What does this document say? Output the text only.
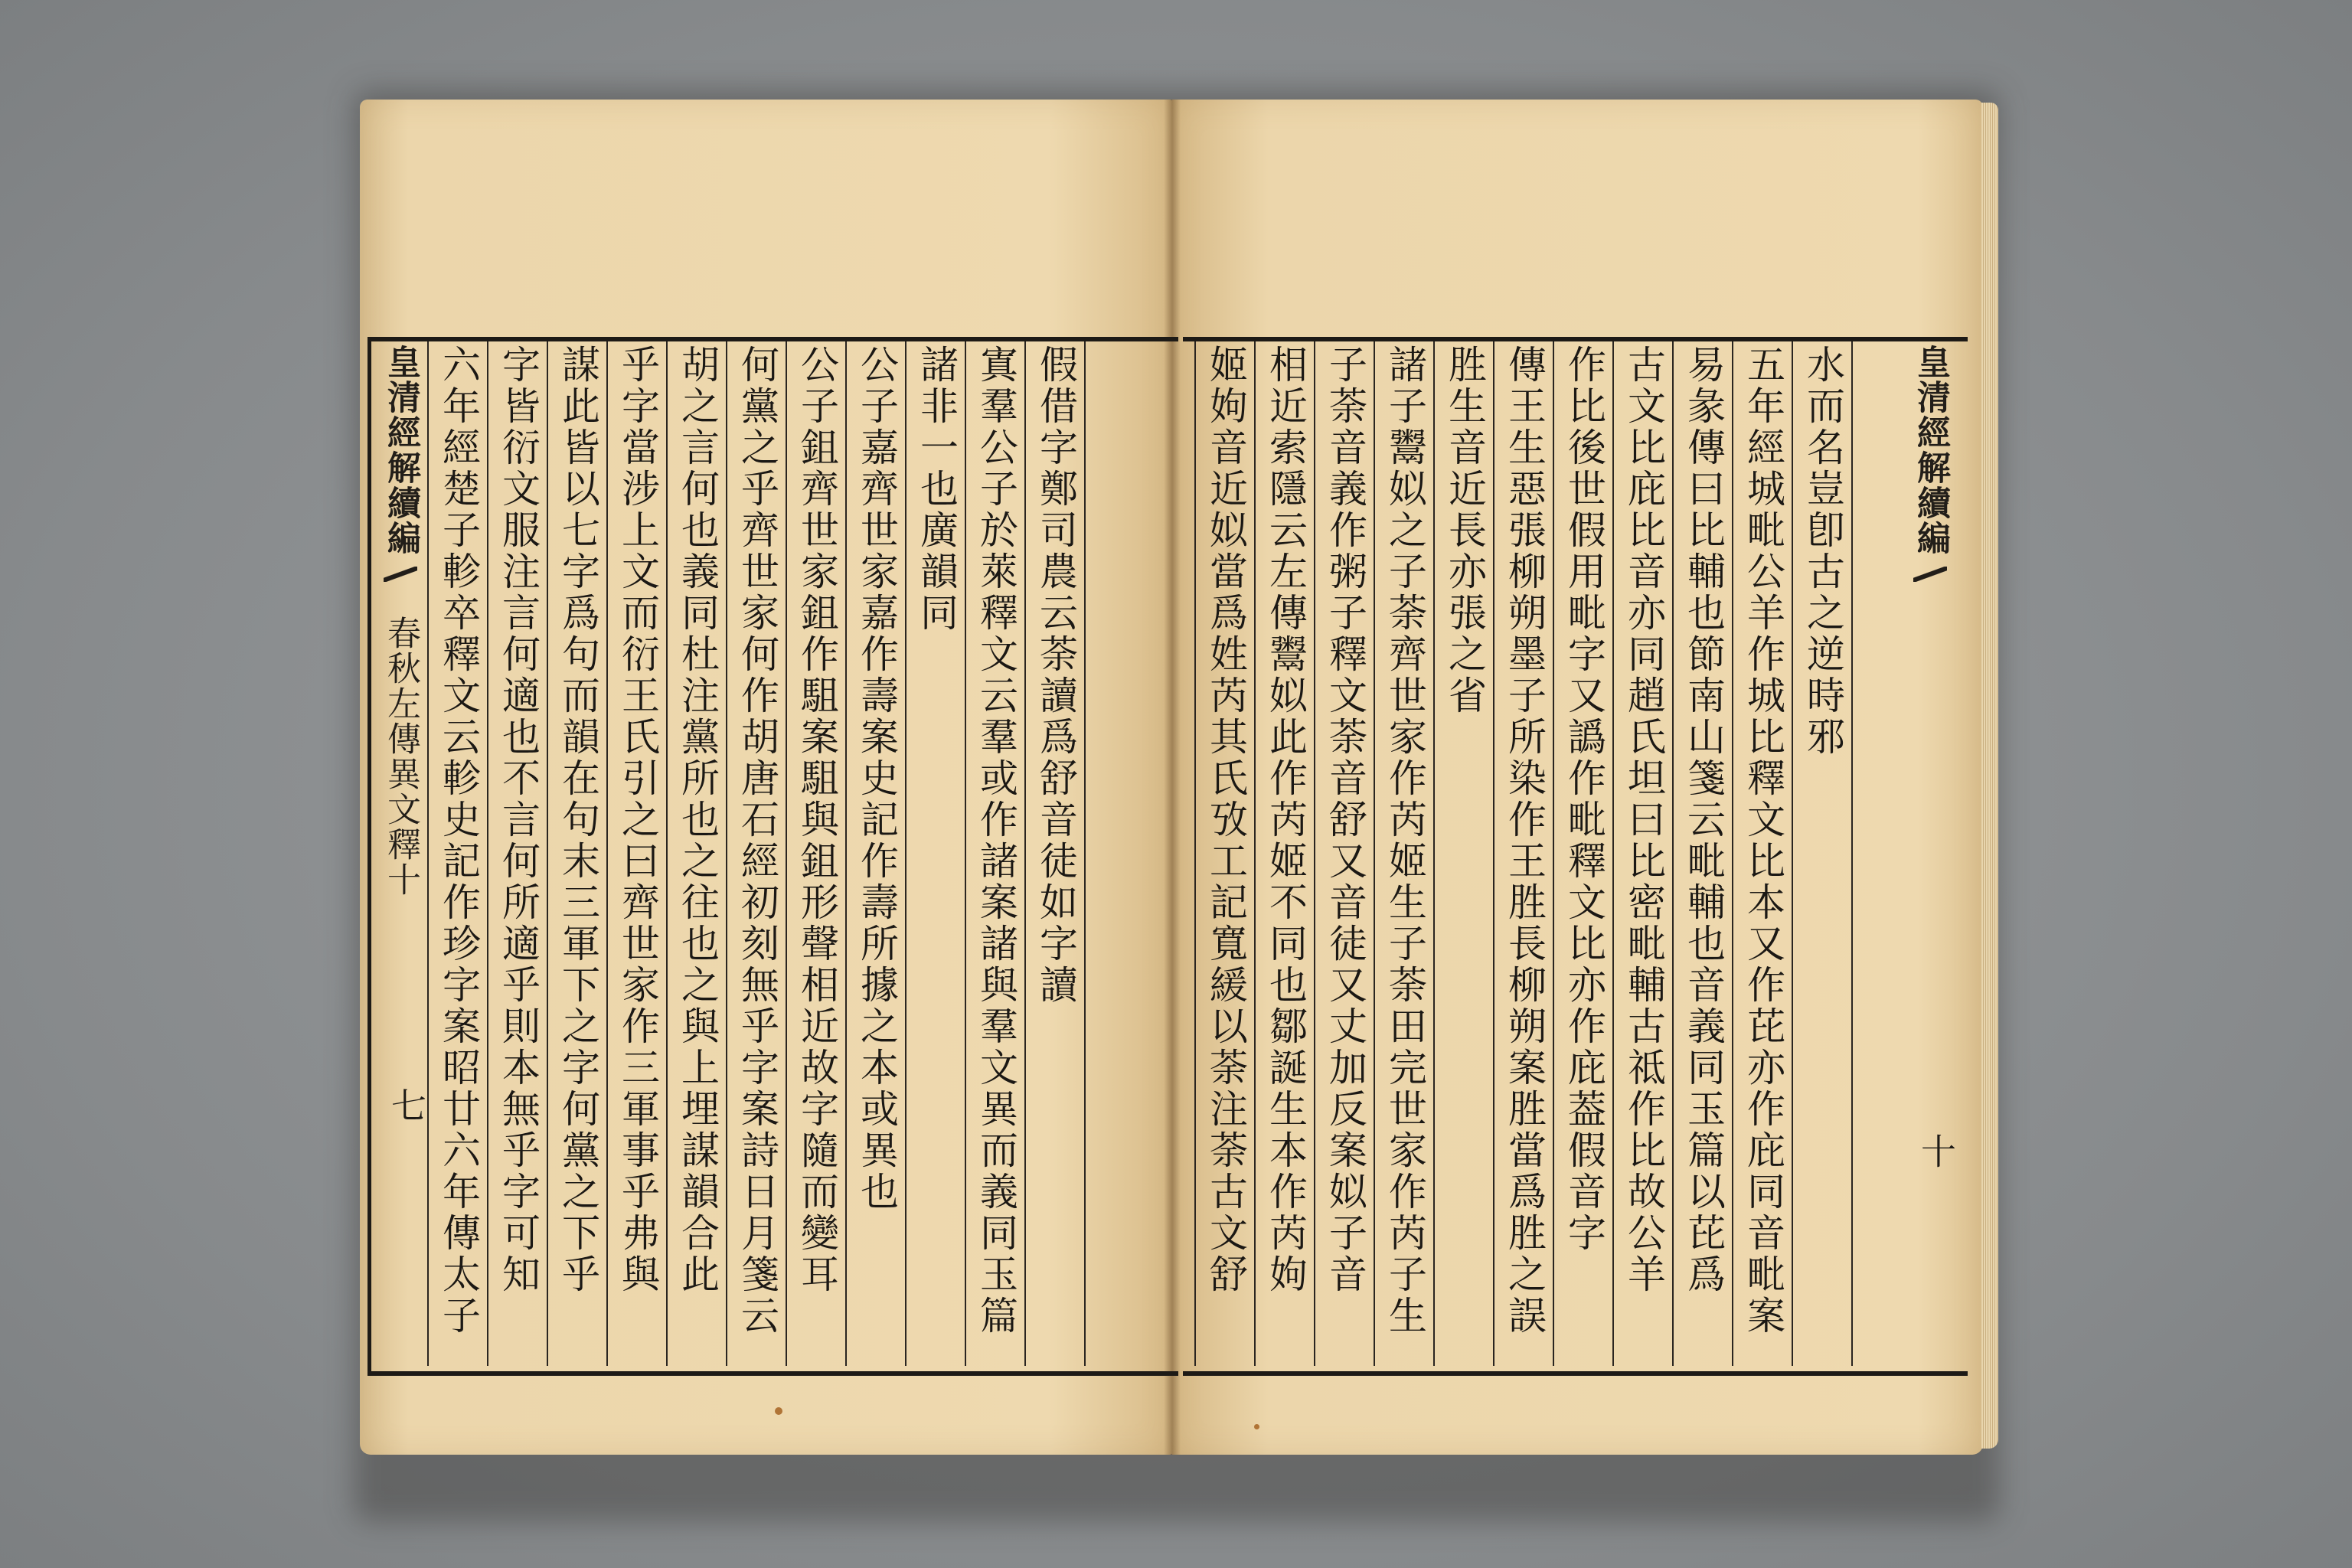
皇清經解續編春秋左傳異文釋十
七 六年經楚子軫卒釋文云軫史記作珍字案昭廿六年傳太子 字皆衍文服注言何適也不言何所適乎則本無乎字可知 謀此皆以七字爲句而韻在句末三軍下之字何黨之下乎 乎字當涉上文而衍王氏引之曰齊世家作三軍事乎弗與 胡之言何也義同杜注黨所也之往也之與上埋謀韻合此 何黨之乎齊世家何作胡唐石經初刻無乎字案詩日月箋云 公子鉏齊世家鉏作駔案駔與鉏形聲相近故字隨而變耳 公子嘉齊世家嘉作壽案史記作壽所據之本或異也 諸非一也廣韻同 寘羣公子於萊釋文云羣或作諸案諸與羣文異而義同玉篇 假借字鄭司農云荼讀爲舒音徒如字讀	姬姁音近姒當爲姓芮其氏攷工記寬緩以荼注荼古文舒 相近索隱云左傳鬻姒此作芮姬不同也鄒誕生本作芮姁 子荼音義作粥子釋文荼音舒又音徒又丈加反案姒子音 諸子鬻姒之子荼齊世家作芮姬生子荼田完世家作芮子生 胜生音近長亦張之省 傳王生惡張柳朔墨子所染作王胜長柳朔案胜當爲胜之誤 作比後世假用毗字又譌作毗釋文比亦作庇葢假音字 古文比庇比音亦同趙氏坦曰比密毗輔古祗作比故公羊 易彖傳曰比輔也節南山箋云毗輔也音義同玉篇以芘爲 五年經城毗公羊作城比釋文比本又作芘亦作庇同音毗案 水而名豈卽古之逆時邪 皇清經解續編
十
